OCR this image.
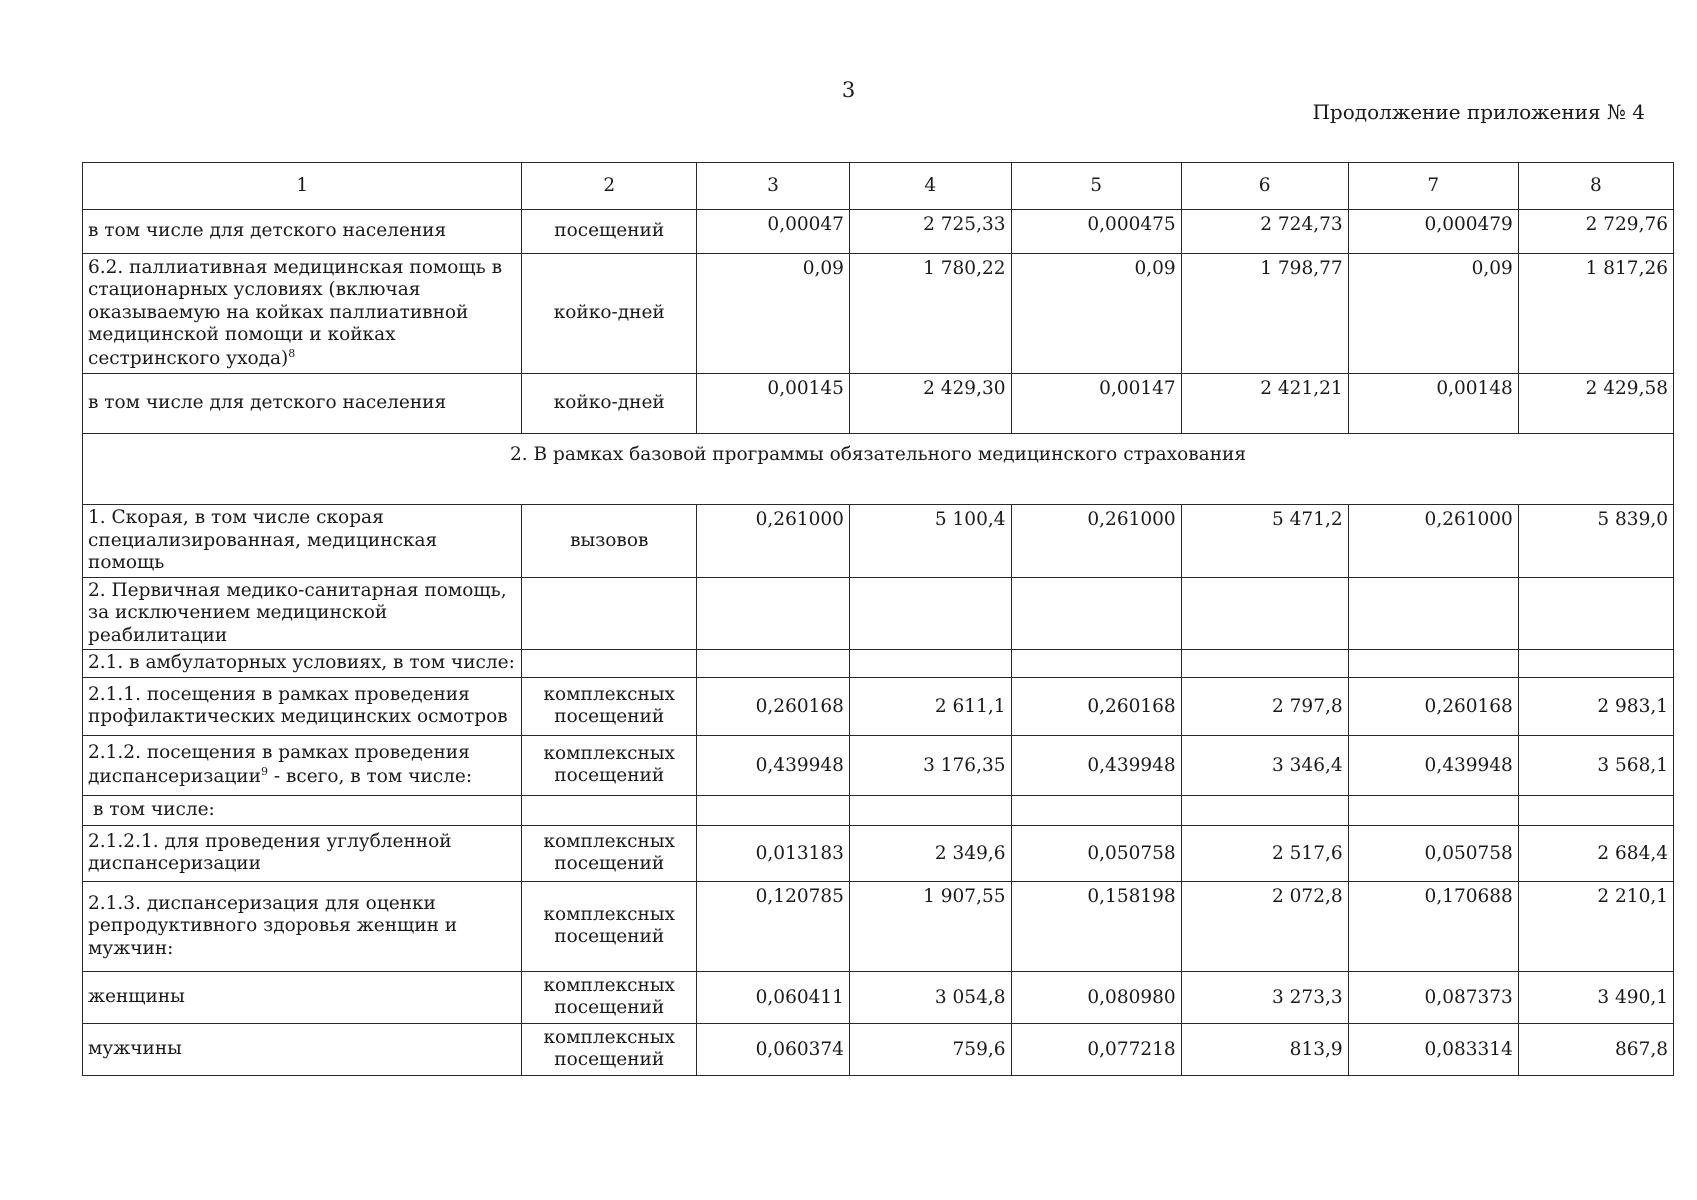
3
Продолжение приложения № 4
1	2	3	4	5	6	7	8
в том числе для детского населения	посещений	0,00047	2 725,33	0,000475	2 724,73	0,000479	2 729,76
6.2. паллиативная медицинская помощь в стационарных условиях (включая оказываемую на койках паллиативной медицинской помощи и койках сестринского ухода)$^8$	койко-дней	0,09	1 780,22	0,09	1 798,77	0,09	1 817,26
в том числе для детского населения	койко-дней	0,00145	2 429,30	0,00147	2 421,21	0,00148	2 429,58
2. В рамках базовой программы обязательного медицинского страхования							
1. Скорая, в том числе скорая специализированная, медицинская помощь	вызовов	0,261000	5 100,4	0,261000	5 471,2	0,261000	5 839,0
2. Первичная медико-санитарная помощь, за исключением медицинской реабилитации							
2.1. в амбулаторных условиях, в том числе:							
2.1.1. посещения в рамках проведения профилактических медицинских осмотров	комплексных посещений	0,260168	2 611,1	0,260168	2 797,8	0,260168	2 983,1
2.1.2. посещения в рамках проведения диспансеризации$^9$ - всего, в том числе:	комплексных посещений	0,439948	3 176,35	0,439948	3 346,4	0,439948	3 568,1
в том числе:							
2.1.2.1. для проведения углубленной диспансеризации	комплексных посещений	0,013183	2 349,6	0,050758	2 517,6	0,050758	2 684,4
2.1.3. диспансеризация для оценки репродуктивного здоровья женщин и мужчин:	комплексных посещений	0,120785	1 907,55	0,158198	2 072,8	0,170688	2 210,1
женщины	комплексных посещений	0,060411	3 054,8	0,080980	3 273,3	0,087373	3 490,1
мужчины	комплексных посещений	0,060374	759,6	0,077218	813,9	0,083314	867,8
